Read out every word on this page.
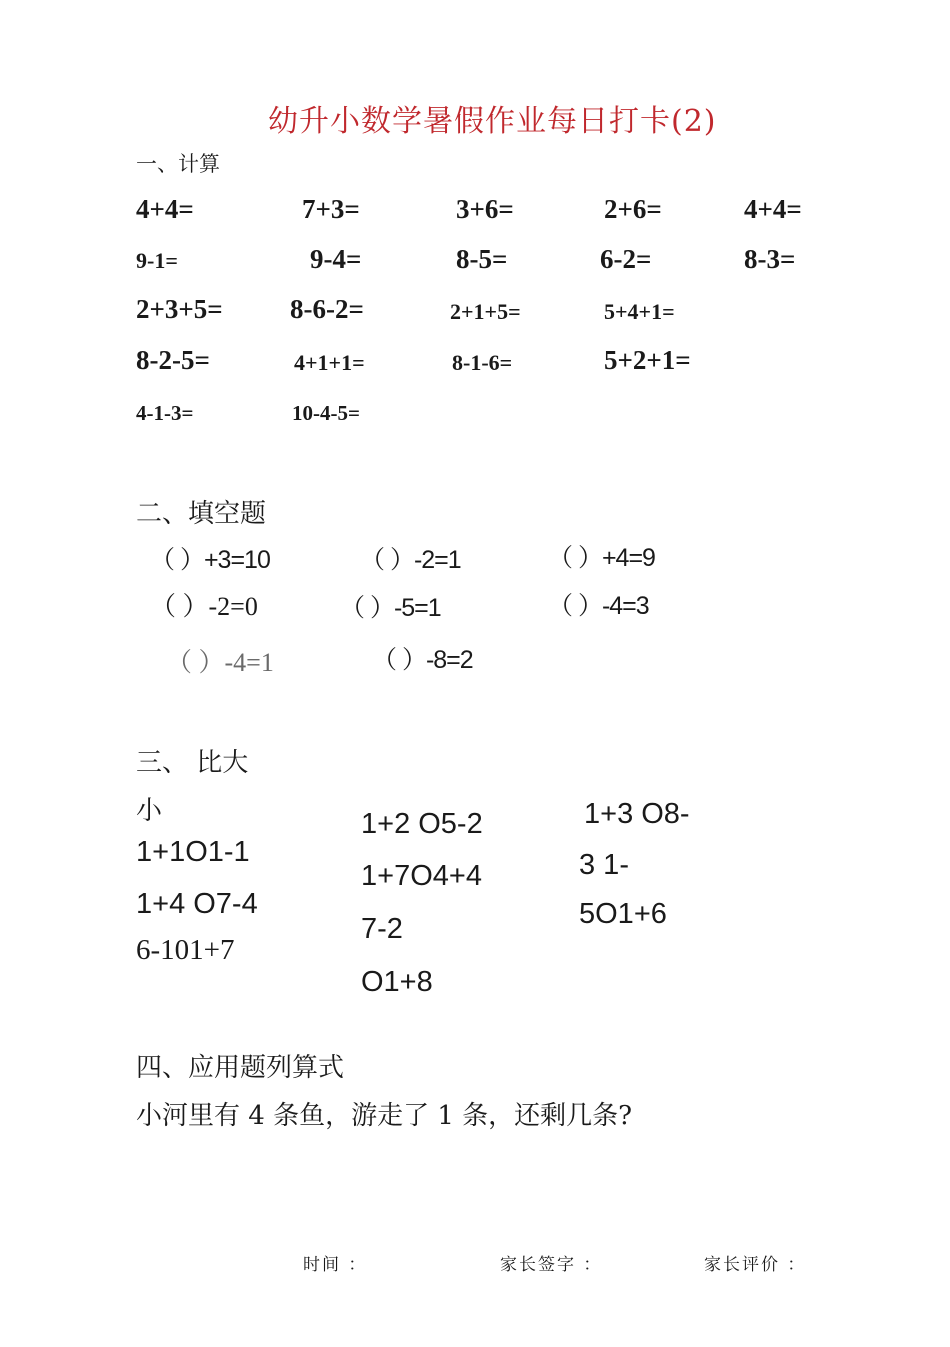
幼升小数学暑假作业每日打卡(2)
一、计算
4+4=	7+3=	3+6=	2+6=	4+4=
9-1=	9-4=	8-5=	6-2=	8-3=
2+3+5= 8-6-2=	2+1+5=	5+4+1=
8-2-5=	4+1+1=	8-1-6=	5+2+1=
4-1-3=	10-4-5=
二、填空题
（ ）+3=10	（ ）-2=1	（ ）+4=9
（ ）-2=0	（ ）-5=1	（ ）-4=3
（ ）-4=1	（ ）-8=2
三、 比大
小
1+1O1-1
1+4 O7-4
6-101+7
1+2 O5-2
1+7O4+4
7-2
O1+8
1+3 O8-
3 1-
5O1+6
四、应用题列算式
小河里有 4 条鱼，游走了 1 条，还剩几条?
时间 ：	家长签字 ：	家长评价 ：
